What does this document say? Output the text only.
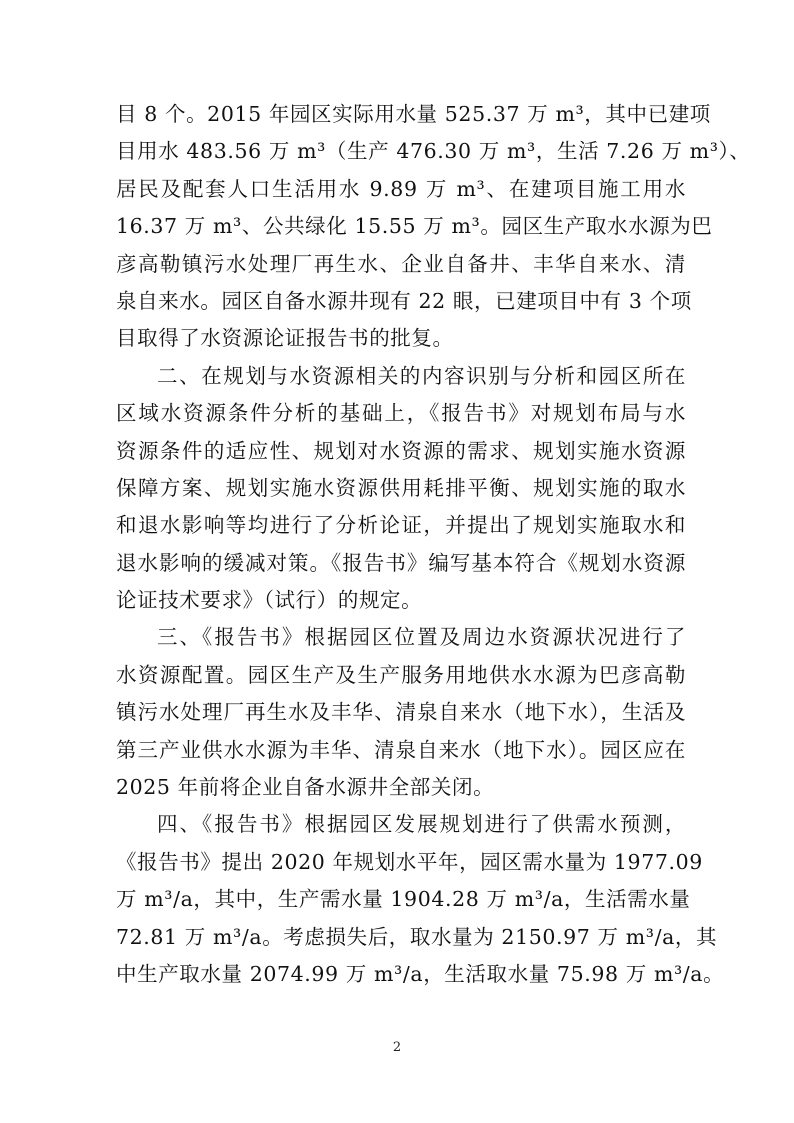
目 8 个。2015 年园区实际用水量 525.37 万 m³，其中已建项
目用水 483.56 万 m³（生产 476.30 万 m³，生活 7.26 万 m³）、
居民及配套人口生活用水 9.89 万 m³、在建项目施工用水
16.37 万 m³、公共绿化 15.55 万 m³。园区生产取水水源为巴
彦高勒镇污水处理厂再生水、企业自备井、丰华自来水、清
泉自来水。园区自备水源井现有 22 眼，已建项目中有 3 个项
目取得了水资源论证报告书的批复。
二、在规划与水资源相关的内容识别与分析和园区所在
区域水资源条件分析的基础上，《报告书》对规划布局与水
资源条件的适应性、规划对水资源的需求、规划实施水资源
保障方案、规划实施水资源供用耗排平衡、规划实施的取水
和退水影响等均进行了分析论证，并提出了规划实施取水和
退水影响的缓减对策。《报告书》编写基本符合《规划水资源
论证技术要求》（试行）的规定。
三、《报告书》根据园区位置及周边水资源状况进行了
水资源配置。园区生产及生产服务用地供水水源为巴彦高勒
镇污水处理厂再生水及丰华、清泉自来水（地下水），生活及
第三产业供水水源为丰华、清泉自来水（地下水）。园区应在
2025 年前将企业自备水源井全部关闭。
四、《报告书》根据园区发展规划进行了供需水预测，
《报告书》提出 2020 年规划水平年，园区需水量为 1977.09
万 m³/a，其中，生产需水量 1904.28 万 m³/a，生活需水量
72.81 万 m³/a。考虑损失后，取水量为 2150.97 万 m³/a，其
中生产取水量 2074.99 万 m³/a，生活取水量 75.98 万 m³/a。
2
